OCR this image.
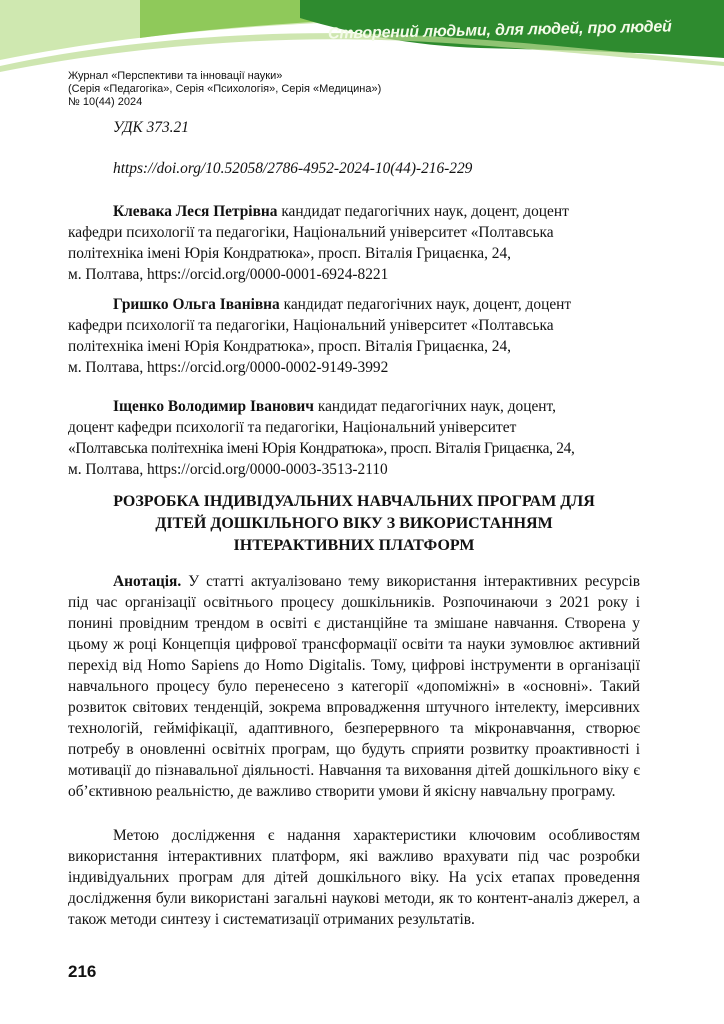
Створений людьми, для людей, про людей
Журнал «Перспективи та інновації науки»
(Серія «Педагогіка», Серія «Психологія», Серія «Медицина»)
№ 10(44) 2024
УДК 373.21
https://doi.org/10.52058/2786-4952-2024-10(44)-216-229
Клевака Леся Петрівна кандидат педагогічних наук, доцент, доцент
кафедри психології та педагогіки, Національний університет «Полтавська
політехніка імені Юрія Кондратюка», просп. Віталія Грицаєнка, 24,
м. Полтава, https://orcid.org/0000-0001-6924-8221
Гришко Ольга Іванівна кандидат педагогічних наук, доцент, доцент
кафедри психології та педагогіки, Національний університет «Полтавська
політехніка імені Юрія Кондратюка», просп. Віталія Грицаєнка, 24,
м. Полтава, https://orcid.org/0000-0002-9149-3992
Іщенко Володимир Іванович кандидат педагогічних наук, доцент,
доцент кафедри психології та педагогіки, Національний університет
«Полтавська політехніка імені Юрія Кондратюка», просп. Віталія Грицаєнка, 24,
м. Полтава, https://orcid.org/0000-0003-3513-2110
РОЗРОБКА ІНДИВІДУАЛЬНИХ НАВЧАЛЬНИХ ПРОГРАМ ДЛЯ
ДІТЕЙ ДОШКІЛЬНОГО ВІКУ З ВИКОРИСТАННЯМ
ІНТЕРАКТИВНИХ ПЛАТФОРМ
Анотація. У статті актуалізовано тему використання інтерактивних ресурсів під час організації освітнього процесу дошкільників. Розпочинаючи з 2021 року і понині провідним трендом в освіті є дистанційне та змішане навчання. Створена у цьому ж році Концепція цифрової трансформації освіти та науки зумовлює активний перехід від Homo Sapiens до Homo Digitalis. Тому, цифрові інструменти в організації навчального процесу було перенесено з категорії «допоміжні» в «основні». Такий розвиток світових тенденцій, зокрема впровадження штучного інтелекту, імерсивних технологій, гейміфікації, адаптивного, безперервного та мікронавчання, створює потребу в оновленні освітніх програм, що будуть сприяти розвитку проактивності і мотивації до пізнавальної діяльності. Навчання та виховання дітей дошкільного віку є об’єктивною реальністю, де важливо створити умови й якісну навчальну програму.
Метою дослідження є надання характеристики ключовим особливостям використання інтерактивних платформ, які важливо врахувати під час розробки індивідуальних програм для дітей дошкільного віку. На усіх етапах проведення дослідження були використані загальні наукові методи, як то контент-аналіз джерел, а також методи синтезу і систематизації отриманих результатів.
216
